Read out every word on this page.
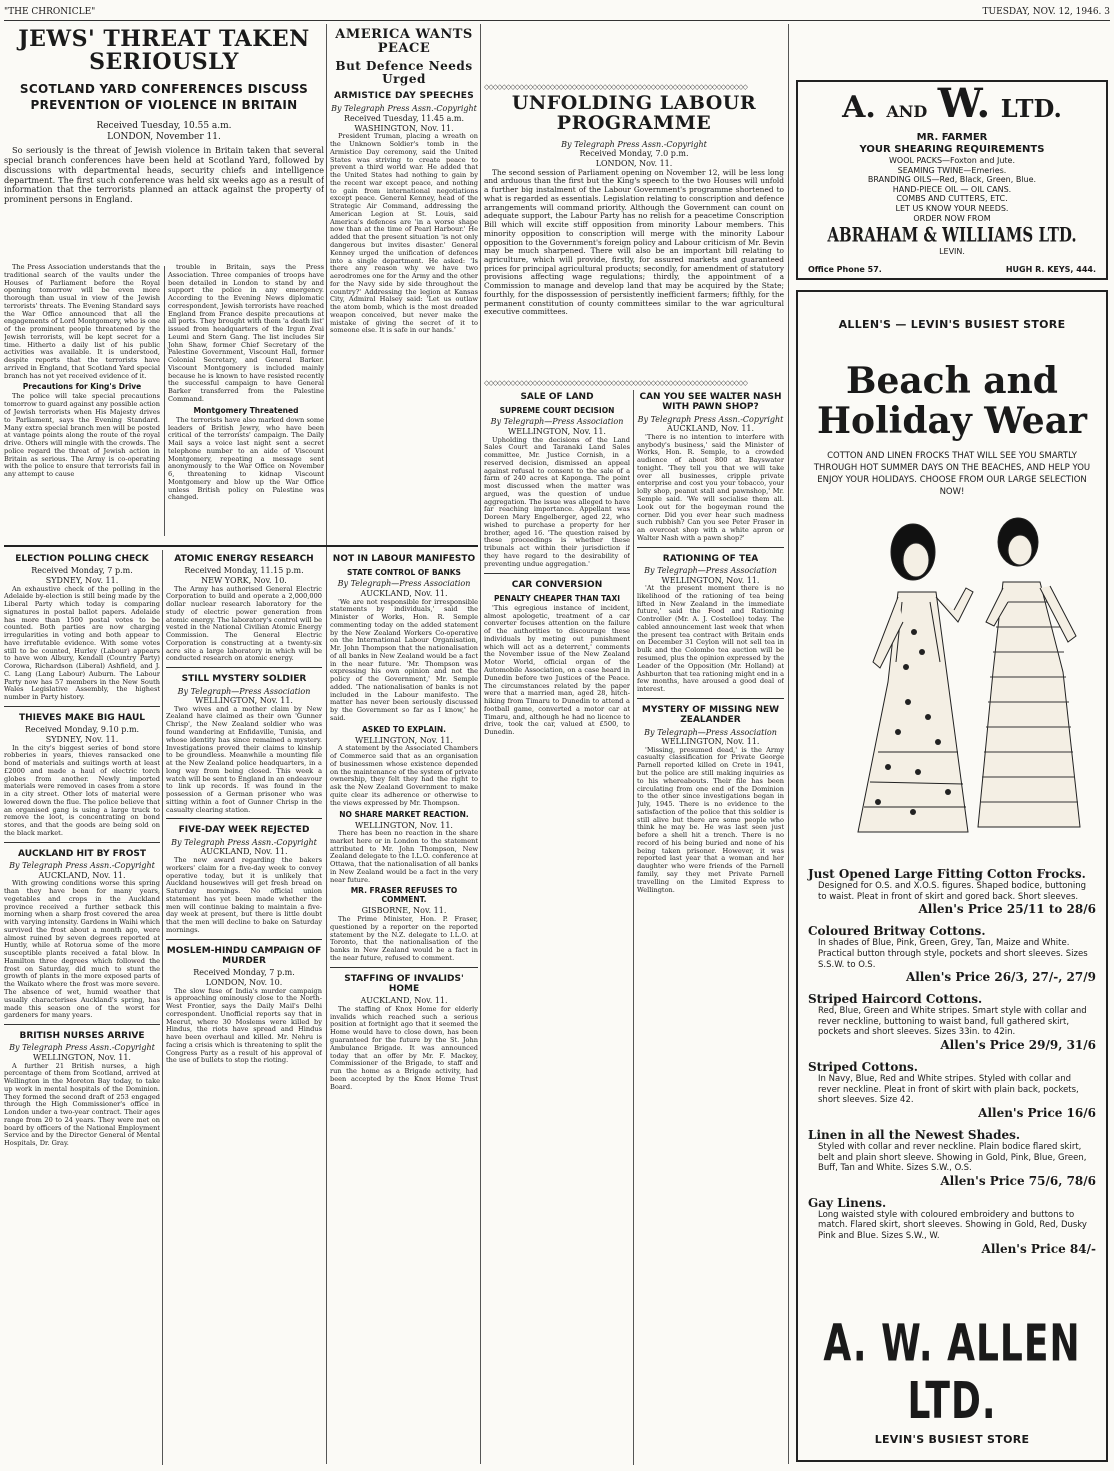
"THE CHRONICLE"	TUESDAY, NOV. 12, 1946. 3
JEWS' THREAT TAKEN SERIOUSLY
SCOTLAND YARD CONFERENCES DISCUSS PREVENTION OF VIOLENCE IN BRITAIN
Received Tuesday, 10.55 a.m.
LONDON, November 11.
So seriously is the threat of Jewish violence in Britain taken that several special branch conferences have been held at Scotland Yard, followed by discussions with departmental heads, security chiefs and intelligence department. The first such conference was held six weeks ago as a result of information that the terrorists planned an attack against the property of prominent persons in England.
The Press Association understands that the traditional search of the vaults under the Houses of Parliament before the Royal opening tomorrow will be even more thorough than usual in view of the Jewish terrorists' threats. The Evening Standard says the War Office announced that all the engagements of Lord Montgomery, who is one of the prominent people threatened by the Jewish terrorists, will be kept secret for a time. Hitherto a daily list of his public activities was available. It is understood, despite reports that the terrorists have arrived in England, that Scotland Yard special branch has not yet received evidence of it.
Precautions for King's Drive
The police will take special precautions tomorrow to guard against any possible action of Jewish terrorists when His Majesty drives to Parliament, says the Evening Standard. Many extra special branch men will be posted at vantage points along the route of the royal drive. Others will mingle with the crowds. The police regard the threat of Jewish action in Britain as serious. The Army is co-operating with the police to ensure that terrorists fail in any attempt to cause
trouble in Britain, says the Press Association. Three companies of troops have been detailed in London to stand by and support the police in any emergency. According to the Evening News diplomatic correspondent, Jewish terrorists have reached England from France despite precautions at all ports. They brought with them 'a death list' issued from headquarters of the Irgun Zvai Leumi and Stern Gang. The list includes Sir John Shaw, former Chief Secretary of the Palestine Government, Viscount Hall, former Colonial Secretary, and General Barker. Viscount Montgomery is included mainly because he is known to have resisted recently the successful campaign to have General Barker transferred from the Palestine Command.
Montgomery Threatened
The terrorists have also marked down some leaders of British Jewry, who have been critical of the terrorists' campaign. The Daily Mail says a voice last night sent a secret telephone number to an aide of Viscount Montgomery, repeating a message sent anonymously to the War Office on November 6, threatening to kidnap Viscount Montgomery and blow up the War Office unless British policy on Palestine was changed.
ELECTION POLLING CHECK
Received Monday, 7 p.m.
SYDNEY, Nov. 11.
An exhaustive check of the polling in the Adelaide by-election is still being made by the Liberal Party which today is comparing signatures in postal ballot papers. Adelaide has more than 1500 postal votes to be counted. Both parties are now charging irregularities in voting and both appear to have irrefutable evidence. With some votes still to be counted, Hurley (Labour) appears to have won Albury, Kendall (Country Party) Corowa, Richardson (Liberal) Ashfield, and J. C. Lang (Lang Labour) Auburn. The Labour Party now has 57 members in the New South Wales Legislative Assembly, the highest number in Party history.
THIEVES MAKE BIG HAUL
Received Monday, 9.10 p.m.
SYDNEY, Nov. 11.
In the city's biggest series of bond store robberies in years, thieves ransacked one bond of materials and suitings worth at least £2000 and made a haul of electric torch globes from another. Newly imported materials were removed in cases from a store in a city street. Other lots of material were lowered down the flue. The police believe that an organised gang is using a large truck to remove the loot, is concentrating on bond stores, and that the goods are being sold on the black market.
AUCKLAND HIT BY FROST
By Telegraph Press Assn.-Copyright
AUCKLAND, Nov. 11.
With growing conditions worse this spring than they have been for many years, vegetables and crops in the Auckland province received a further setback this morning when a sharp frost covered the area with varying intensity. Gardens in Waihi which survived the frost about a month ago, were almost ruined by seven degrees reported at Huntly, while at Rotorua some of the more susceptible plants received a fatal blow. In Hamilton three degrees which followed the frost on Saturday, did much to stunt the growth of plants in the more exposed parts of the Waikato where the frost was more severe. The absence of wet, humid weather that usually characterises Auckland's spring, has made this season one of the worst for gardeners for many years.
BRITISH NURSES ARRIVE
By Telegraph Press Assn.-Copyright
WELLINGTON, Nov. 11.
A further 21 British nurses, a high percentage of them from Scotland, arrived at Wellington in the Moreton Bay today, to take up work in mental hospitals of the Dominion. They formed the second draft of 253 engaged through the High Commissioner's office in London under a two-year contract. Their ages range from 20 to 24 years. They were met on board by officers of the National Employment Service and by the Director General of Mental Hospitals, Dr. Gray.
AMERICA WANTS PEACE
But Defence Needs Urged
ARMISTICE DAY SPEECHES
By Telegraph Press Assn.-Copyright
Received Tuesday, 11.45 a.m.
WASHINGTON, Nov. 11.
President Truman, placing a wreath on the Unknown Soldier's tomb in the Armistice Day ceremony, said the United States was striving to create peace to prevent a third world war. He added that the United States had nothing to gain by the recent war except peace, and nothing to gain from international negotiations except peace. General Kenney, head of the Strategic Air Command, addressing the American Legion at St. Louis, said America's defences are 'in a worse shape now than at the time of Pearl Harbour.' He added that the present situation 'is not only dangerous but invites disaster.' General Kenney urged the unification of defences into a single department. He asked: 'Is there any reason why we have two aerodromes one for the Army and the other for the Navy side by side throughout the country?' Addressing the legion at Kansas City, Admiral Halsey said: 'Let us outlaw the atom bomb, which is the most dreaded weapon conceived, but never make the mistake of giving the secret of it to someone else. It is safe in our hands.'
ATOMIC ENERGY RESEARCH
Received Monday, 11.15 p.m.
NEW YORK, Nov. 10.
The Army has authorised General Electric Corporation to build and operate a 2,000,000 dollar nuclear research laboratory for the study of electric power generation from atomic energy. The laboratory's control will be vested in the National Civilian Atomic Energy Commission. The General Electric Corporation is constructing at a twenty-six acre site a large laboratory in which will be conducted research on atomic energy.
STILL MYSTERY SOLDIER
By Telegraph—Press Association
WELLINGTON, Nov. 11.
Two wives and a mother claim by New Zealand have claimed as their own 'Gunner Chrisp', the New Zealand soldier who was found wandering at Enfidaville, Tunisia, and whose identity has since remained a mystery. Investigations proved their claims to kinship to be groundless. Meanwhile a mounting file at the New Zealand police headquarters, in a long way from being closed. This week a watch will be sent to England in an endeavour to link up records. It was found in the possession of a German prisoner who was sitting within a foot of Gunner Chrisp in the casualty clearing station.
FIVE-DAY WEEK REJECTED
By Telegraph Press Assn.-Copyright
AUCKLAND, Nov. 11.
The new award regarding the bakers workers' claim for a five-day week to convey operative today, but it is unlikely that Auckland housewives will get fresh bread on Saturday mornings. No official union statement has yet been made whether the men will continue baking to maintain a five-day week at present, but there is little doubt that the men will decline to bake on Saturday mornings.
MOSLEM-HINDU CAMPAIGN OF MURDER
Received Monday, 7 p.m.
LONDON, Nov. 10.
The slow fuse of India's murder campaign is approaching ominously close to the North-West Frontier, says the Daily Mail's Delhi correspondent. Unofficial reports say that in Meerut, where 30 Moslems were killed by Hindus, the riots have spread and Hindus have been overhaul and killed. Mr. Nehru is facing a crisis which is threatening to split the Congress Party as a result of his approval of the use of bullets to stop the rioting.
◇◇◇◇◇◇◇◇◇◇◇◇◇◇◇◇◇◇◇◇◇◇◇◇◇◇◇◇◇◇◇◇◇◇◇◇◇◇◇◇◇◇◇◇◇◇◇◇◇◇◇◇◇◇◇◇◇◇◇◇
UNFOLDING LABOUR PROGRAMME
By Telegraph Press Assn.-Copyright
Received Monday, 7.0 p.m.
LONDON, Nov. 11.
The second session of Parliament opening on November 12, will be less long and arduous than the first but the King's speech to the two Houses will unfold a further big instalment of the Labour Government's programme shortened to what is regarded as essentials. Legislation relating to conscription and defence arrangements will command priority. Although the Government can count on adequate support, the Labour Party has no relish for a peacetime Conscription Bill which will excite stiff opposition from minority Labour members. This minority opposition to conscription will merge with the minority Labour opposition to the Government's foreign policy and Labour criticism of Mr. Bevin may be much sharpened. There will also be an important bill relating to agriculture, which will provide, firstly, for assured markets and guaranteed prices for principal agricultural products; secondly, for amendment of statutory provisions affecting wage regulations; thirdly, the appointment of a Commission to manage and develop land that may be acquired by the State; fourthly, for the dispossession of persistently inefficient farmers; fifthly, for the permanent constitution of county committees similar to the war agricultural executive committees.
◇◇◇◇◇◇◇◇◇◇◇◇◇◇◇◇◇◇◇◇◇◇◇◇◇◇◇◇◇◇◇◇◇◇◇◇◇◇◇◇◇◇◇◇◇◇◇◇◇◇◇◇◇◇◇◇◇◇◇◇
NOT IN LABOUR MANIFESTO
STATE CONTROL OF BANKS
By Telegraph—Press Association
AUCKLAND, Nov. 11.
'We are not responsible for irresponsible statements by individuals,' said the Minister of Works, Hon. R. Semple commenting today on the added statement by the New Zealand Workers Co-operative on the International Labour Organisation, Mr. John Thompson that the nationalisation of all banks in New Zealand would be a fact in the near future. 'Mr. Thompson was expressing his own opinion and not the policy of the Government,' Mr. Semple added. 'The nationalisation of banks is not included in the Labour manifesto. The matter has never been seriously discussed by the Government so far as I know,' he said.
ASKED TO EXPLAIN.
WELLINGTON, Nov. 11.
A statement by the Associated Chambers of Commerce said that as an organisation of businessmen whose existence depended on the maintenance of the system of private ownership, they felt they had the right to ask the New Zealand Government to make quite clear its adherence or otherwise to the views expressed by Mr. Thompson.
NO SHARE MARKET REACTION.
WELLINGTON, Nov. 11.
There has been no reaction in the share market here or in London to the statement attributed to Mr. John Thompson, New Zealand delegate to the I.L.O. conference at Ottawa, that the nationalisation of all banks in New Zealand would be a fact in the very near future.
MR. FRASER REFUSES TO COMMENT.
GISBORNE, Nov. 11.
The Prime Minister, Hon. P. Fraser, questioned by a reporter on the reported statement by the N.Z. delegate to I.L.O. at Toronto, that the nationalisation of the banks in New Zealand would be a fact in the near future, refused to comment.
STAFFING OF INVALIDS' HOME
AUCKLAND, Nov. 11.
The staffing of Knox Home for elderly invalids which reached such a serious position at fortnight ago that it seemed the Home would have to close down, has been guaranteed for the future by the St. John Ambulance Brigade. It was announced today that an offer by Mr. F. Mackey, Commissioner of the Brigade, to staff and run the home as a Brigade activity, had been accepted by the Knox Home Trust Board.
SALE OF LAND
SUPREME COURT DECISION
By Telegraph—Press Association
WELLINGTON, Nov. 11.
Upholding the decisions of the Land Sales Court and Taranaki Land Sales committee, Mr. Justice Cornish, in a reserved decision, dismissed an appeal against refusal to consent to the sale of a farm of 240 acres at Kaponga. The point most discussed when the matter was argued, was the question of undue aggregation. The issue was alleged to have far reaching importance. Appellant was Doreen Mary Engelberger, aged 22, who wished to purchase a property for her brother, aged 16. 'The question raised by these proceedings is whether these tribunals act within their jurisdiction if they have regard to the desirability of preventing undue aggregation.'
CAR CONVERSION
PENALTY CHEAPER THAN TAXI
'This egregious instance of incident, almost apologetic, treatment of a car converter focuses attention on the failure of the authorities to discourage these individuals by meting out punishment which will act as a deterrent,' comments the November issue of the New Zealand Motor World, official organ of the Automobile Association, on a case heard in Dunedin before two Justices of the Peace. The circumstances related by the paper were that a married man, aged 28, hitch-hiking from Timaru to Dunedin to attend a football game, converted a motor car at Timaru, and, although he had no licence to drive, took the car, valued at £500, to Dunedin.
CAN YOU SEE WALTER NASH WITH PAWN SHOP?
By Telegraph Press Assn.-Copyright
AUCKLAND, Nov. 11.
'There is no intention to interfere with anybody's business,' said the Minister of Works, Hon. R. Semple, to a crowded audience of about 800 at Bayswater tonight. 'They tell you that we will take over all businesses, cripple private enterprise and cost you your tobacco, your lolly shop, peanut stall and pawnshop,' Mr. Semple said. 'We will socialise them all. Look out for the bogeyman round the corner. Did you ever hear such madness such rubbish? Can you see Peter Fraser in an overcoat shop with a white apron or Walter Nash with a pawn shop?'
RATIONING OF TEA
By Telegraph—Press Association
WELLINGTON, Nov. 11.
'At the present moment there is no likelihood of the rationing of tea being lifted in New Zealand in the immediate future,' said the Food and Rationing Controller (Mr. A. J. Costelloe) today. The cabled announcement last week that when the present tea contract with Britain ends on December 31 Ceylon will not sell tea in bulk and the Colombo tea auction will be resumed, plus the opinion expressed by the Leader of the Opposition (Mr. Holland) at Ashburton that tea rationing might end in a few months, have aroused a good deal of interest.
MYSTERY OF MISSING NEW ZEALANDER
By Telegraph—Press Association
WELLINGTON, Nov. 11.
'Missing, presumed dead,' is the Army casualty classification for Private George Parnell reported killed on Crete in 1941, but the police are still making inquiries as to his whereabouts. Their file has been circulating from one end of the Dominion to the other since investigations began in July, 1945. There is no evidence to the satisfaction of the police that this soldier is still alive but there are some people who think he may be. He was last seen just before a shell hit a trench. There is no record of his being buried and none of his being taken prisoner. However, it was reported last year that a woman and her daughter who were friends of the Parnell family, say they met Private Parnell travelling on the Limited Express to Wellington.
A. AND W. LTD.
MR. FARMER
YOUR SHEARING REQUIREMENTS
WOOL PACKS—Foxton and Jute.
SEAMING TWINE—Emeries.
BRANDING OILS—Red, Black, Green, Blue.
HAND-PIECE OIL — OIL CANS.
COMBS AND CUTTERS, ETC.
LET US KNOW YOUR NEEDS.
ORDER NOW FROM
ABRAHAM & WILLIAMS LTD.
LEVIN.
Office Phone 57.	HUGH R. KEYS, 444.
ALLEN'S — LEVIN'S BUSIEST STORE
Beach and
Holiday Wear
COTTON AND LINEN FROCKS THAT WILL SEE YOU SMARTLY THROUGH HOT SUMMER DAYS ON THE BEACHES, AND HELP YOU ENJOY YOUR HOLIDAYS. CHOOSE FROM OUR LARGE SELECTION NOW!
Just Opened Large Fitting Cotton Frocks.
Designed for O.S. and X.O.S. figures. Shaped bodice, buttoning to waist. Pleat in front of skirt and gored back. Short sleeves.
Allen's Price 25/11 to 28/6
Coloured Britway Cottons.
In shades of Blue, Pink, Green, Grey, Tan, Maize and White. Practical button through style, pockets and short sleeves. Sizes S.S.W. to O.S.
Allen's Price 26/3, 27/-, 27/9
Striped Haircord Cottons.
Red, Blue, Green and White stripes. Smart style with collar and rever neckline, buttoning to waist band, full gathered skirt, pockets and short sleeves. Sizes 33in. to 42in.
Allen's Price 29/9, 31/6
Striped Cottons.
In Navy, Blue, Red and White stripes. Styled with collar and rever neckline. Pleat in front of skirt with plain back, pockets, short sleeves. Size 42.
Allen's Price 16/6
Linen in all the Newest Shades.
Styled with collar and rever neckline. Plain bodice flared skirt, belt and plain short sleeve. Showing in Gold, Pink, Blue, Green, Buff, Tan and White. Sizes S.W., O.S.
Allen's Price 75/6, 78/6
Gay Linens.
Long waisted style with coloured embroidery and buttons to match. Flared skirt, short sleeves. Showing in Gold, Red, Dusky Pink and Blue. Sizes S.W., W.
Allen's Price 84/-
A. W. ALLEN LTD.
LEVIN'S BUSIEST STORE
